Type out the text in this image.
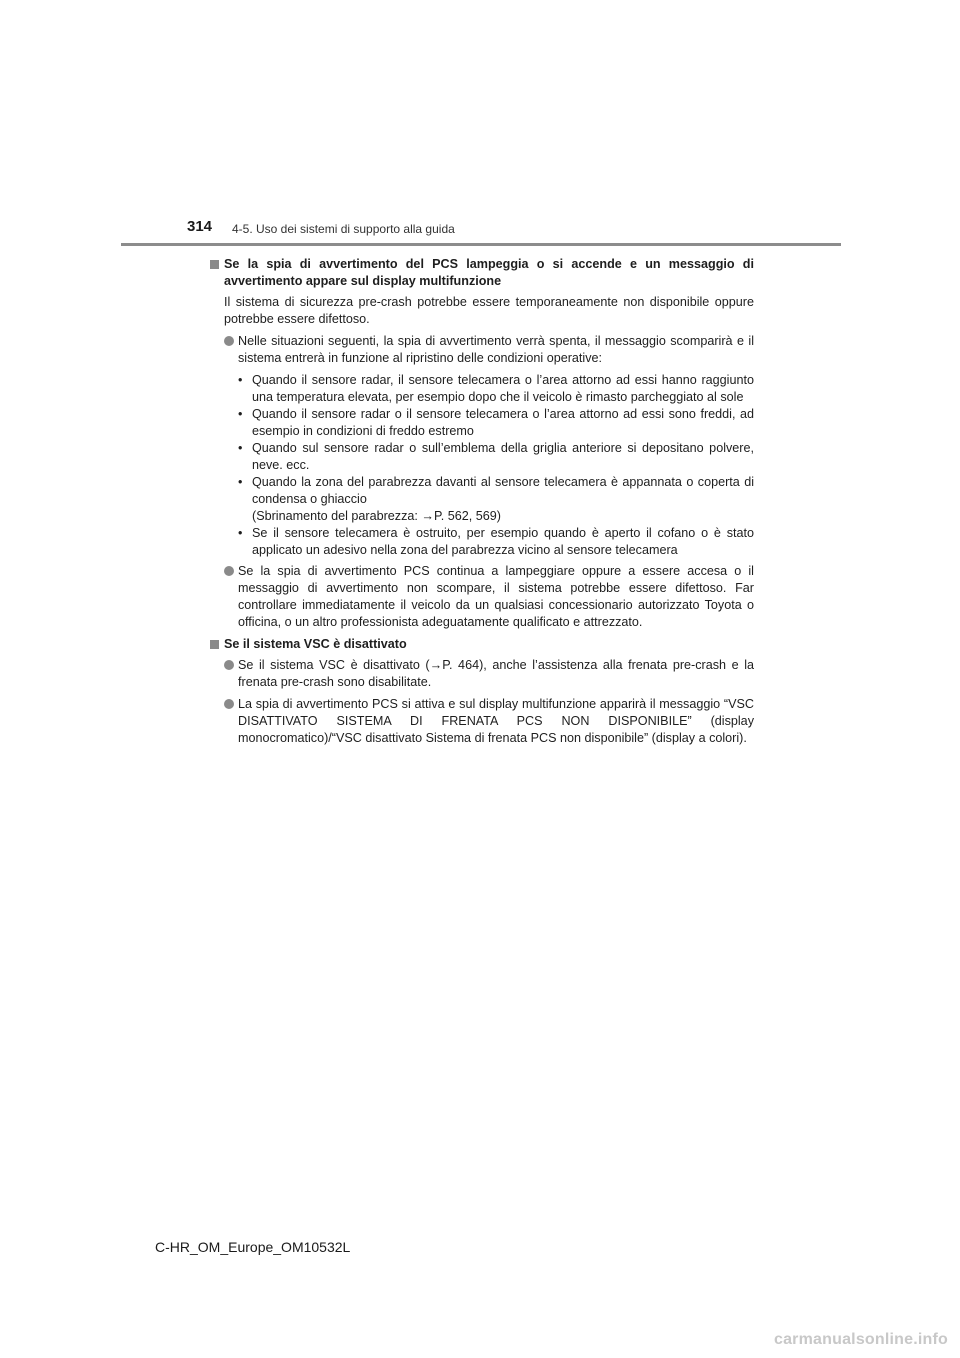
314 4-5. Uso dei sistemi di supporto alla guida
Se la spia di avvertimento del PCS lampeggia o si accende e un messaggio di avvertimento appare sul display multifunzione
Il sistema di sicurezza pre-crash potrebbe essere temporaneamente non disponibile oppure potrebbe essere difettoso.
Nelle situazioni seguenti, la spia di avvertimento verrà spenta, il messaggio scomparirà e il sistema entrerà in funzione al ripristino delle condizioni operative:
• Quando il sensore radar, il sensore telecamera o l’area attorno ad essi hanno raggiunto una temperatura elevata, per esempio dopo che il veicolo è rimasto parcheggiato al sole
• Quando il sensore radar o il sensore telecamera o l’area attorno ad essi sono freddi, ad esempio in condizioni di freddo estremo
• Quando sul sensore radar o sull’emblema della griglia anteriore si depositano polvere, neve. ecc.
• Quando la zona del parabrezza davanti al sensore telecamera è appannata o coperta di condensa o ghiaccio
(Sbrinamento del parabrezza: →P. 562, 569)
• Se il sensore telecamera è ostruito, per esempio quando è aperto il cofano o è stato applicato un adesivo nella zona del parabrezza vicino al sensore telecamera
Se la spia di avvertimento PCS continua a lampeggiare oppure a essere accesa o il messaggio di avvertimento non scompare, il sistema potrebbe essere difettoso. Far controllare immediatamente il veicolo da un qualsiasi concessionario autorizzato Toyota o officina, o un altro professionista adeguatamente qualificato e attrezzato.
Se il sistema VSC è disattivato
Se il sistema VSC è disattivato (→P. 464), anche l’assistenza alla frenata pre-crash e la frenata pre-crash sono disabilitate.
La spia di avvertimento PCS si attiva e sul display multifunzione apparirà il messaggio “VSC DISATTIVATO SISTEMA DI FRENATA PCS NON DISPONIBILE” (display monocromatico)/“VSC disattivato Sistema di frenata PCS non disponibile” (display a colori).
C-HR_OM_Europe_OM10532L
carmanualsonline.info
